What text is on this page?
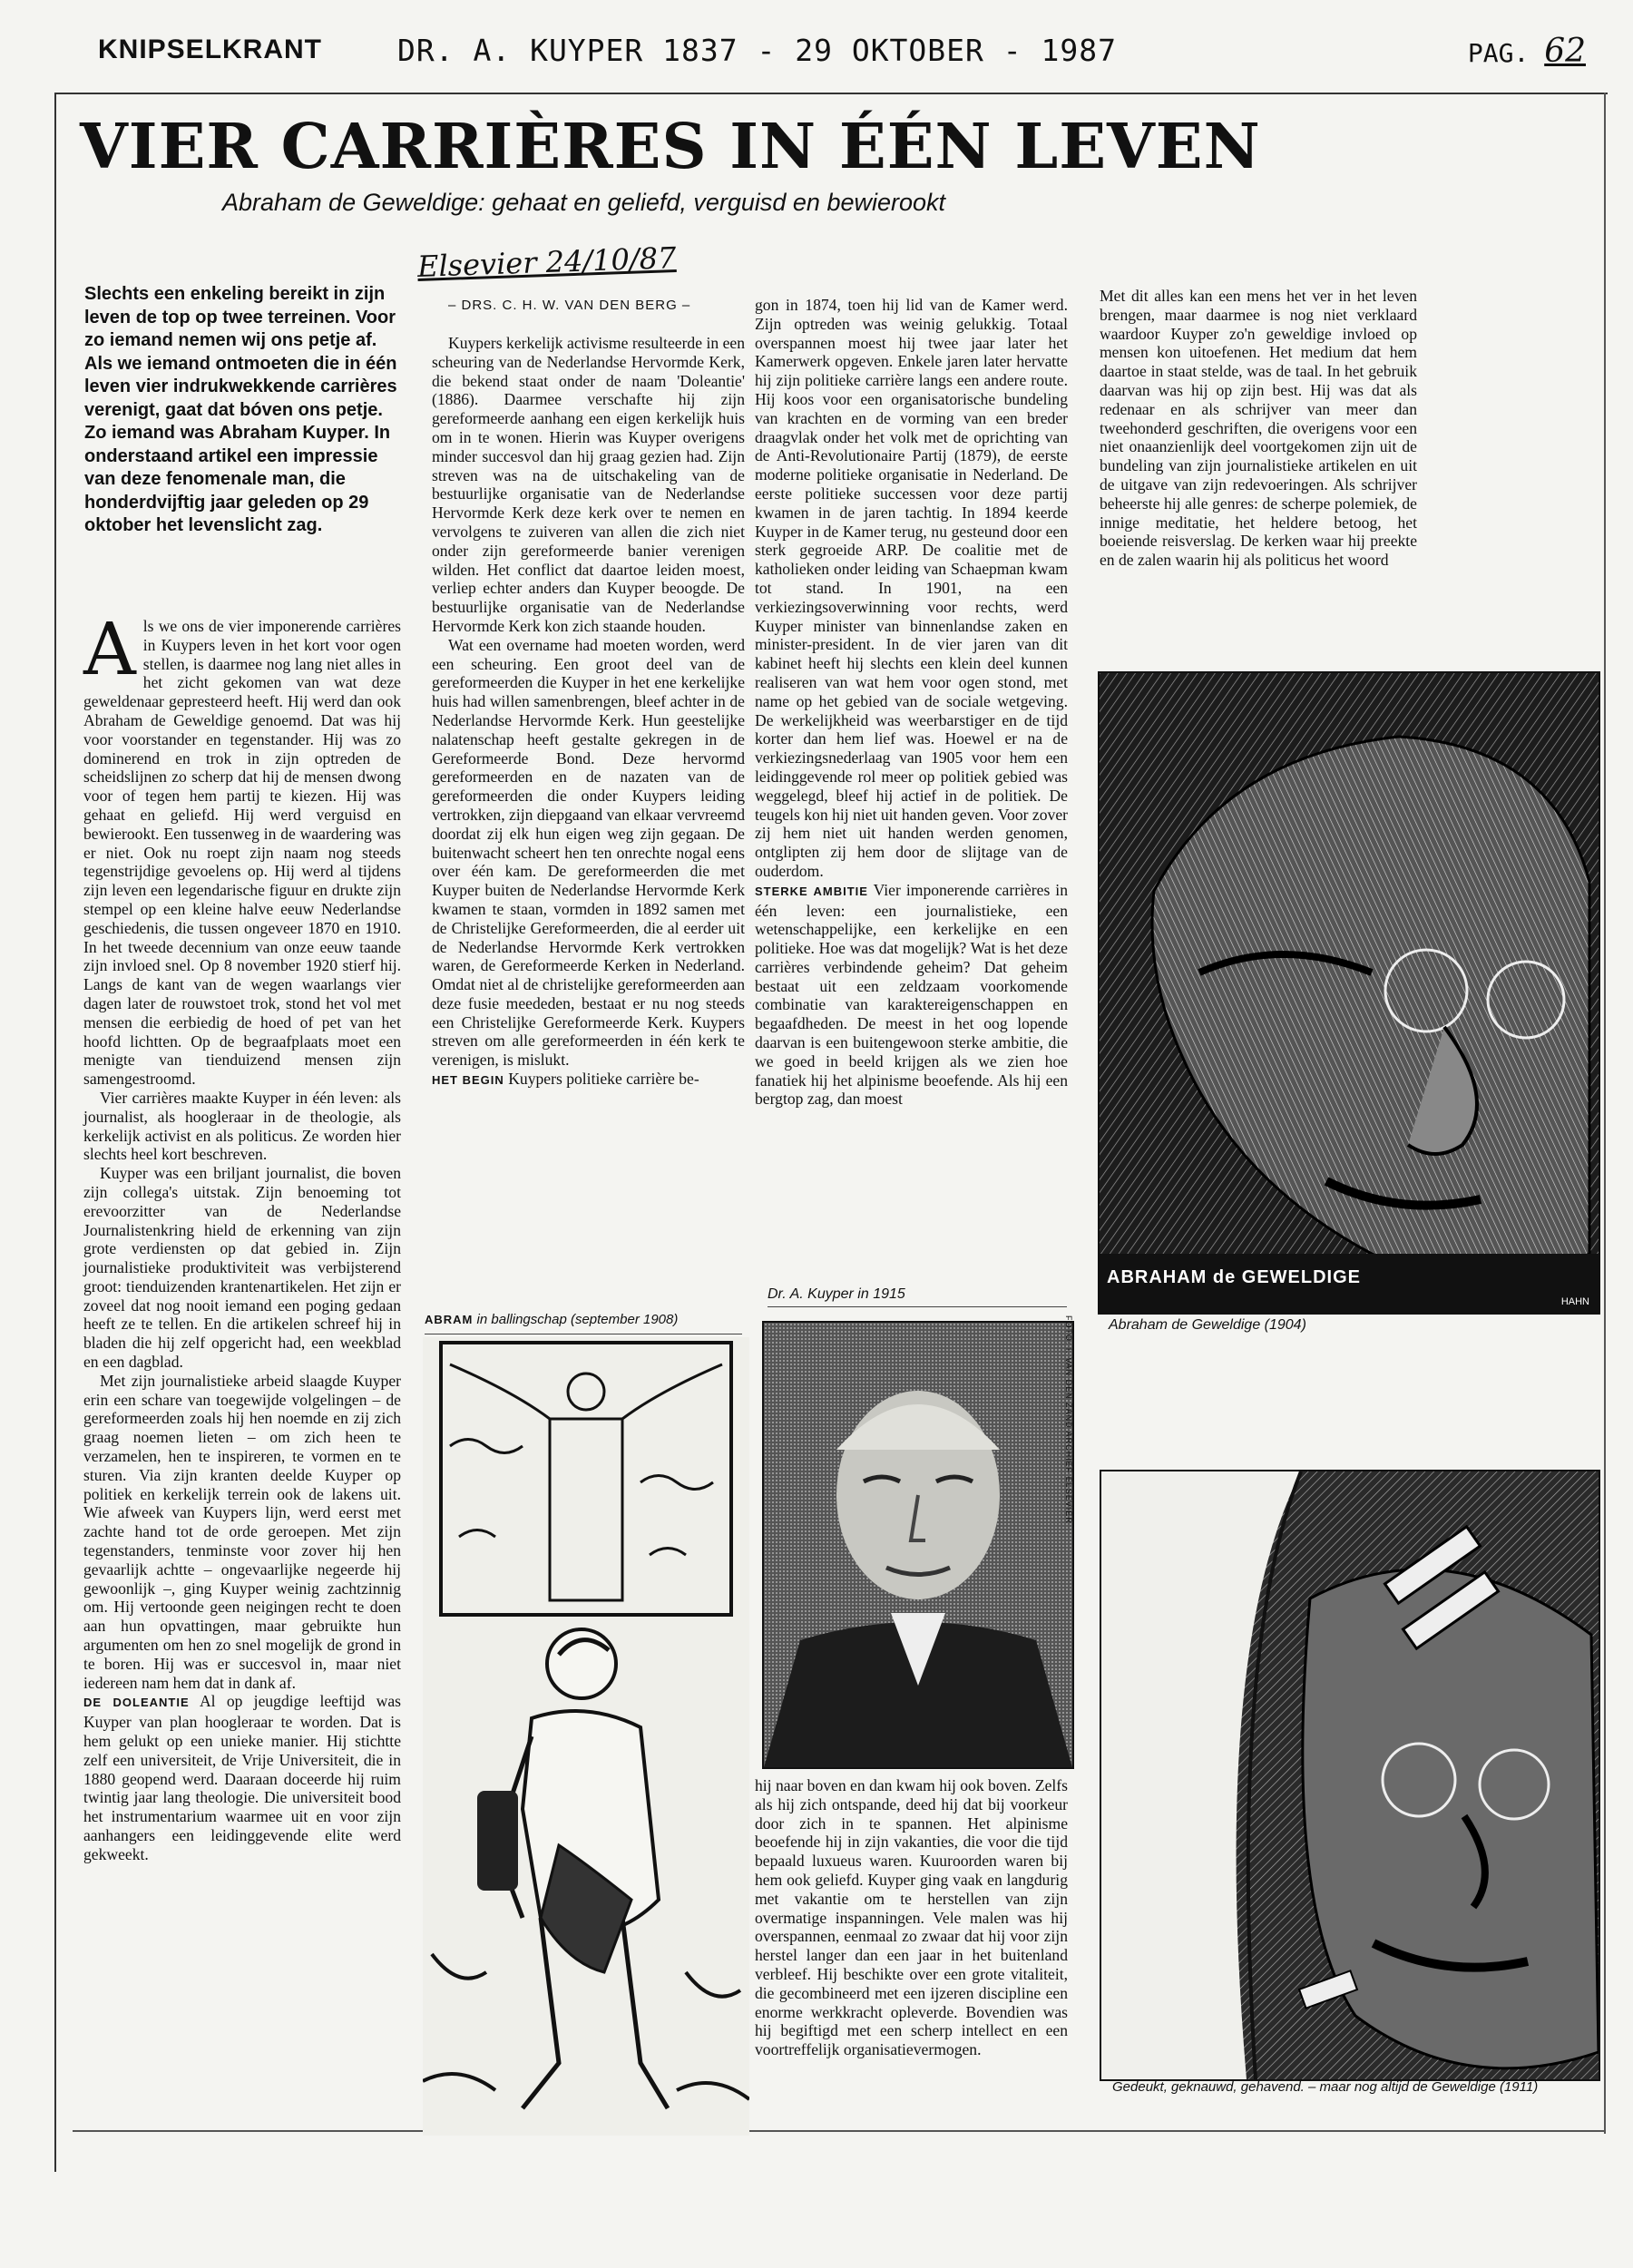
KNIPSELKRANT	DR. A. KUYPER 1837 - 29 OKTOBER - 1987	PAG. 62
VIER CARRIÈRES IN ÉÉN LEVEN
Abraham de Geweldige: gehaat en geliefd, verguisd en bewierookt
Slechts een enkeling bereikt in zijn leven de top op twee terreinen. Voor zo iemand nemen wij ons petje af. Als we iemand ontmoeten die in één leven vier indrukwekkende carrières verenigt, gaat dat bóven ons petje. Zo iemand was Abraham Kuyper. In onderstaand artikel een impressie van deze fenomenale man, die honderdvijftig jaar geleden op 29 oktober het levenslicht zag.
Elsevier 24/10/87
– DRS. C. H. W. VAN DEN BERG –

Als we ons de vier imponerende carrières in Kuypers leven in het kort voor ogen stellen, is daarmee nog lang niet alles in het zicht gekomen van wat deze geweldenaar gepresteerd heeft. Hij werd dan ook Abraham de Geweldige genoemd. Dat was hij voor voorstander en tegenstander. Hij was zo dominerend en trok in zijn optreden de scheidslijnen zo scherp dat hij de mensen dwong voor of tegen hem partij te kiezen. Hij was gehaat en geliefd. Hij werd verguisd en bewierookt. Een tussenweg in de waardering was er niet. Ook nu roept zijn naam nog steeds tegenstrijdige gevoelens op. Hij werd al tijdens zijn leven een legendarische figuur en drukte zijn stempel op een kleine halve eeuw Nederlandse geschiedenis, die tussen ongeveer 1870 en 1910. In het tweede decennium van onze eeuw taande zijn invloed snel. Op 8 november 1920 stierf hij. Langs de kant van de wegen waarlangs vier dagen later de rouwstoet trok, stond het vol met mensen die eerbiedig de hoed of pet van het hoofd lichtten. Op de begraafplaats moet een menigte van tienduizend mensen zijn samengestroomd.

Vier carrières maakte Kuyper in één leven: als journalist, als hoogleraar in de theologie, als kerkelijk activist en als politicus. Ze worden hier slechts heel kort beschreven.

Kuyper was een briljant journalist, die boven zijn collega's uitstak. Zijn benoeming tot erevoorzitter van de Nederlandse Journalistenkring hield de erkenning van zijn grote verdiensten op dat gebied in. Zijn journalistieke produktiviteit was verbijsterend groot: tienduizenden krantenartikelen. Het zijn er zoveel dat nog nooit iemand een poging gedaan heeft ze te tellen. En die artikelen schreef hij in bladen die hij zelf opgericht had, een weekblad en een dagblad.

Met zijn journalistieke arbeid slaagde Kuyper erin een schare van toegewijde volgelingen – de gereformeerden zoals hij hen noemde en zij zich graag noemen lieten – om zich heen te verzamelen, hen te inspireren, te vormen en te sturen. Via zijn kranten deelde Kuyper op politiek en kerkelijk terrein ook de lakens uit. Wie afweek van Kuypers lijn, werd eerst met zachte hand tot de orde geroepen. Met zijn tegenstanders, tenminste voor zover hij hen gevaarlijk achtte – ongevaarlijke negeerde hij gewoonlijk –, ging Kuyper weinig zachtzinnig om. Hij vertoonde geen neigingen recht te doen aan hun opvattingen, maar gebruikte hun argumenten om hen zo snel mogelijk de grond in te boren. Hij was er succesvol in, maar niet iedereen nam hem dat in dank af.

DE DOLEANTIE Al op jeugdige leeftijd was Kuyper van plan hoogleraar te worden. Dat is hem gelukt op een unieke manier. Hij stichtte zelf een universiteit, de Vrije Universiteit, die in 1880 geopend werd. Daaraan doceerde hij ruim twintig jaar lang theologie. Die universiteit bood het instrumentarium waarmee uit en voor zijn aanhangers een leidinggevende elite werd gekweekt.

Kuypers kerkelijk activisme resulteerde in een scheuring van de Nederlandse Hervormde Kerk, die bekend staat onder de naam 'Doleantie' (1886). Daarmee verschafte hij zijn gereformeerde aanhang een eigen kerkelijk huis om in te wonen. Hierin was Kuyper overigens minder succesvol dan hij graag gezien had. Zijn streven was na de uitschakeling van de bestuurlijke organisatie van de Nederlandse Hervormde Kerk deze kerk over te nemen en vervolgens te zuiveren van allen die zich niet onder zijn gereformeerde banier verenigen wilden. Het conflict dat daartoe leiden moest, verliep echter anders dan Kuyper beoogde. De bestuurlijke organisatie van de Nederlandse Hervormde Kerk kon zich staande houden.

Wat een overname had moeten worden, werd een scheuring. Een groot deel van de gereformeerden die Kuyper in het ene kerkelijke huis had willen samenbrengen, bleef achter in de Nederlandse Hervormde Kerk. Hun geestelijke nalatenschap heeft gestalte gekregen in de Gereformeerde Bond. Deze hervormd gereformeerden en de nazaten van de gereformeerden die onder Kuypers leiding vertrokken, zijn diepgaand van elkaar vervreemd doordat zij elk hun eigen weg zijn gegaan. De buitenwacht scheert hen ten onrechte nogal eens over één kam. De gereformeerden die met Kuyper buiten de Nederlandse Hervormde Kerk kwamen te staan, vormden in 1892 samen met de Christelijke Gereformeerden, die al eerder uit de Nederlandse Hervormde Kerk vertrokken waren, de Gereformeerde Kerken in Nederland. Omdat niet al de christelijke gereformeerden aan deze fusie meededen, bestaat er nu nog steeds een Christelijke Gereformeerde Kerk. Kuypers streven om alle gereformeerden in één kerk te verenigen, is mislukt.

HET BEGIN Kuypers politieke carrière be-

gon in 1874, toen hij lid van de Kamer werd. Zijn optreden was weinig gelukkig. Totaal overspannen moest hij twee jaar later het Kamerwerk opgeven. Enkele jaren later hervatte hij zijn politieke carrière langs een andere route. Hij koos voor een organisatorische bundeling van krachten en de vorming van een breder draagvlak onder het volk met de oprichting van de Anti-Revolutionaire Partij (1879), de eerste moderne politieke organisatie in Nederland. De eerste politieke successen voor deze partij kwamen in de jaren tachtig. In 1894 keerde Kuyper in de Kamer terug, nu gesteund door een sterk gegroeide ARP. De coalitie met de katholieken onder leiding van Schaepman kwam tot stand. In 1901, na een verkiezingsoverwinning voor rechts, werd Kuyper minister van binnenlandse zaken en minister-president. In de vier jaren van dit kabinet heeft hij slechts een klein deel kunnen realiseren van wat hem voor ogen stond, met name op het gebied van de sociale wetgeving. De werkelijkheid was weerbarstiger en de tijd korter dan hem lief was. Hoewel er na de verkiezingsnederlaag van 1905 voor hem een leidinggevende rol meer op politiek gebied was weggelegd, bleef hij actief in de politiek. De teugels kon hij niet uit handen geven. Voor zover zij hem niet uit handen werden genomen, ontglipten zij hem door de slijtage van de ouderdom.

STERKE AMBITIE Vier imponerende carrières in één leven: een journalistieke, een wetenschappelijke, een kerkelijke en een politieke. Hoe was dat mogelijk? Wat is het deze carrières verbindende geheim? Dat geheim bestaat uit een zeldzaam voorkomende combinatie van karaktereigenschappen en begaafdheden. De meest in het oog lopende daarvan is een buitengewoon sterke ambitie, die we goed in beeld krijgen als we zien hoe fanatiek hij het alpinisme beoefende. Als hij een bergtop zag, dan moest

hij naar boven en dan kwam hij ook boven. Zelfs als hij zich ontspande, deed hij dat bij voorkeur door zich in te spannen. Het alpinisme beoefende hij in zijn vakanties, die voor die tijd bepaald luxueus waren. Kuuroorden waren bij hem ook geliefd. Kuyper ging vaak en langdurig met vakantie om te herstellen van zijn overmatige inspanningen. Vele malen was hij overspannen, eenmaal zo zwaar dat hij voor zijn herstel langer dan een jaar in het buitenland verbleef. Hij beschikte over een grote vitaliteit, die gecombineerd met een ijzeren discipline een enorme werkkracht opleverde. Bovendien was hij begiftigd met een scherp intellect en een voortreffelijk organisatievermogen.

Met dit alles kan een mens het ver in het leven brengen, maar daarmee is nog niet verklaard waardoor Kuyper zo'n geweldige invloed op mensen kon uitoefenen. Het medium dat hem daartoe in staat stelde, was de taal. In het gebruik daarvan was hij op zijn best. Hij was dat als redenaar en als schrijver van meer dan tweehonderd geschriften, die overigens voor een niet onaanzienlijk deel voortgekomen zijn uit de bundeling van zijn journalistieke artikelen en uit de uitgave van zijn redevoeringen. Als schrijver beheerste hij alle genres: de scherpe polemiek, de innige meditatie, het heldere betoog, het boeiende reisverslag. De kerken waar hij preekte en de zalen waarin hij als politicus het woord

ABRAHAM de GEWELDIGE
HAHN
Abraham de Geweldige (1904)
ABRAM in ballingschap (september 1908)
Dr. A. Kuyper in 1915
FOTO: I. VAN DEN ZAND ARCHIEF ELSEVIER
Gedeukt, geknauwd, gehavend. – maar nog altijd de Geweldige (1911)
